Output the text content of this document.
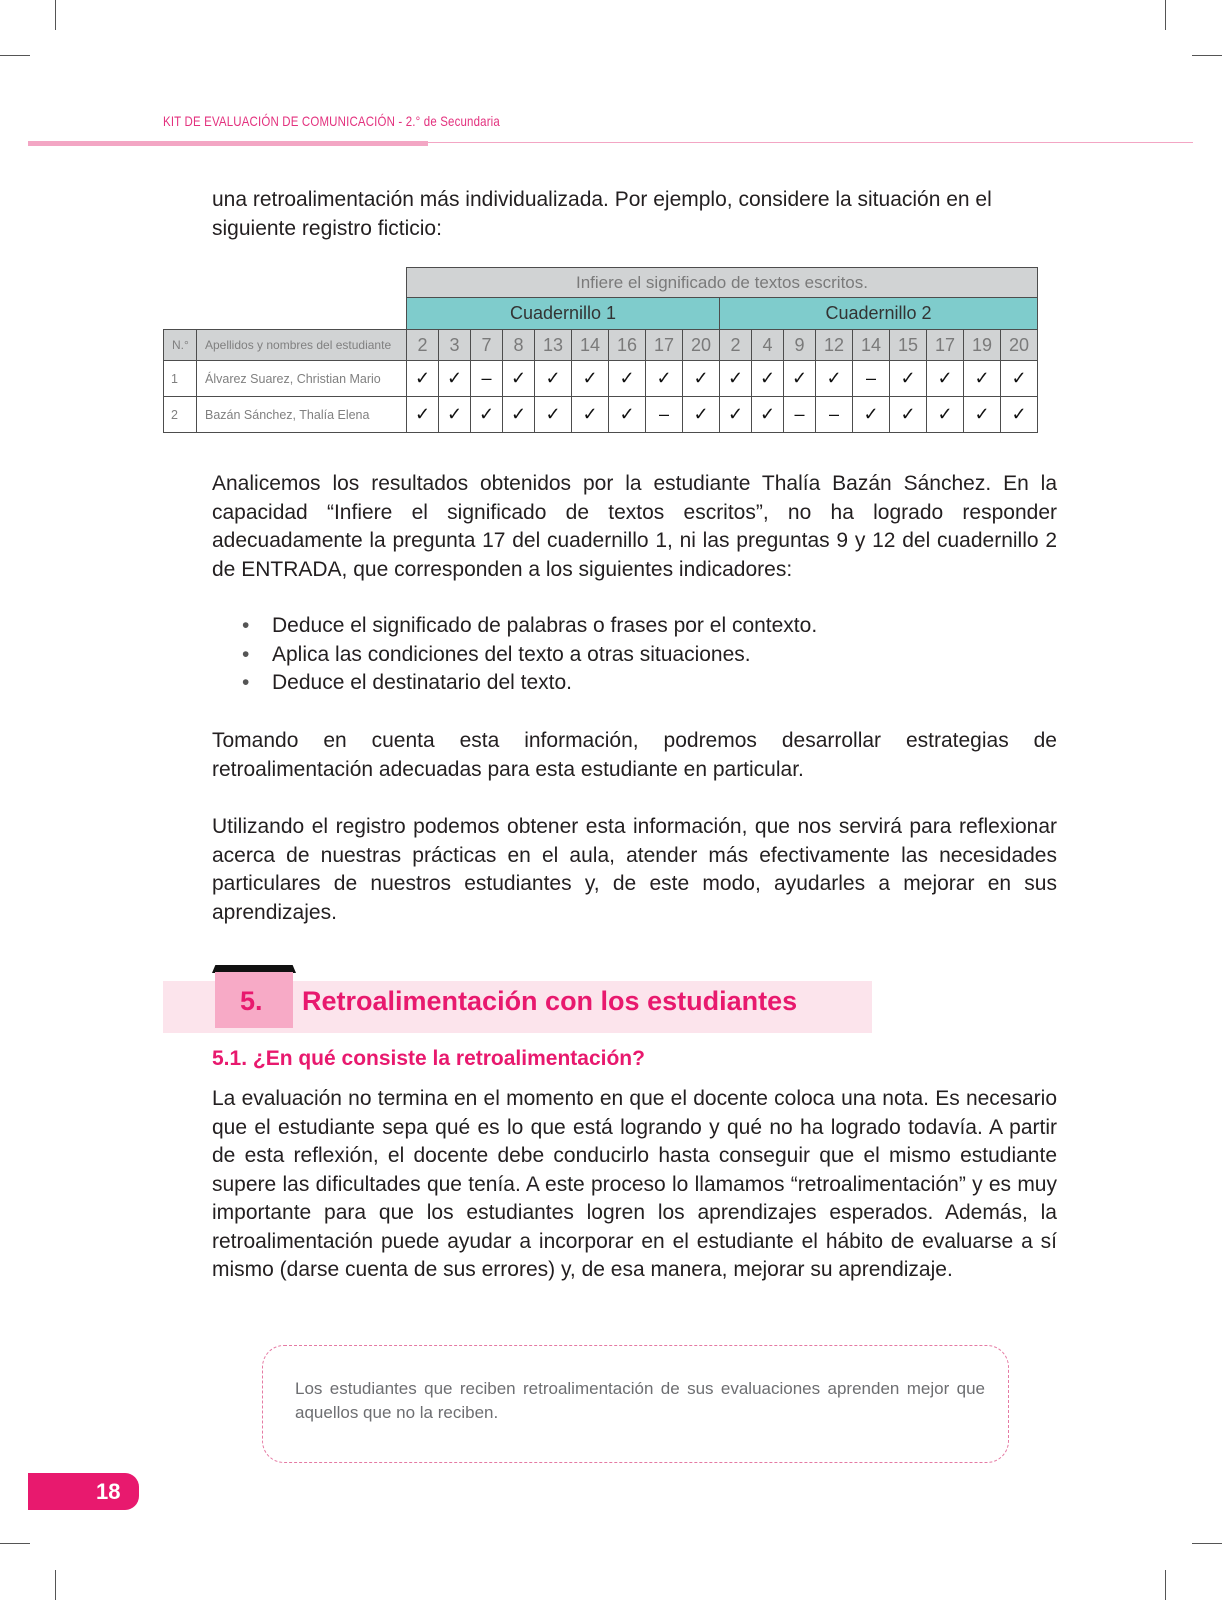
KIT DE EVALUACIÓN DE COMUNICACIÓN - 2.° de Secundaria

una retroalimentación más individualizada. Por ejemplo, considere la situación en el siguiente registro ficticio:

		Infiere el significado de textos escritos.																	
		Cuadernillo 1									Cuadernillo 2								
N.°	Apellidos y nombres del estudiante	2	3	7	8	13	14	16	17	20	2	4	9	12	14	15	17	19	20
1	Álvarez Suarez, Christian Mario	✓	✓	–	✓	✓	✓	✓	✓	✓	✓	✓	✓	✓	–	✓	✓	✓	✓
2	Bazán Sánchez, Thalía Elena	✓	✓	✓	✓	✓	✓	✓	–	✓	✓	✓	–	–	✓	✓	✓	✓	✓

Analicemos los resultados obtenidos por la estudiante Thalía Bazán Sánchez. En la capacidad “Infiere el significado de textos escritos”, no ha logrado responder adecuadamente la pregunta 17 del cuadernillo 1, ni las preguntas 9 y 12 del cuadernillo 2 de ENTRADA, que corresponden a los siguientes indicadores:

• Deduce el significado de palabras o frases por el contexto.
• Aplica las condiciones del texto a otras situaciones.
• Deduce el destinatario del texto.

Tomando en cuenta esta información, podremos desarrollar estrategias de retroalimentación adecuadas para esta estudiante en particular.

Utilizando el registro podemos obtener esta información, que nos servirá para reflexionar acerca de nuestras prácticas en el aula, atender más efectivamente las necesidades particulares de nuestros estudiantes y, de este modo, ayudarles a mejorar en sus aprendizajes.

5. Retroalimentación con los estudiantes
5.1. ¿En qué consiste la retroalimentación?

La evaluación no termina en el momento en que el docente coloca una nota. Es necesario que el estudiante sepa qué es lo que está logrando y qué no ha logrado todavía. A partir de esta reflexión, el docente debe conducirlo hasta conseguir que el mismo estudiante supere las dificultades que tenía. A este proceso lo llamamos “retroalimentación” y es muy importante para que los estudiantes logren los aprendizajes esperados. Además, la retroalimentación puede ayudar a incorporar en el estudiante el hábito de evaluarse a sí mismo (darse cuenta de sus errores) y, de esa manera, mejorar su aprendizaje.

Los estudiantes que reciben retroalimentación de sus evaluaciones aprenden mejor que aquellos que no la reciben.

18
